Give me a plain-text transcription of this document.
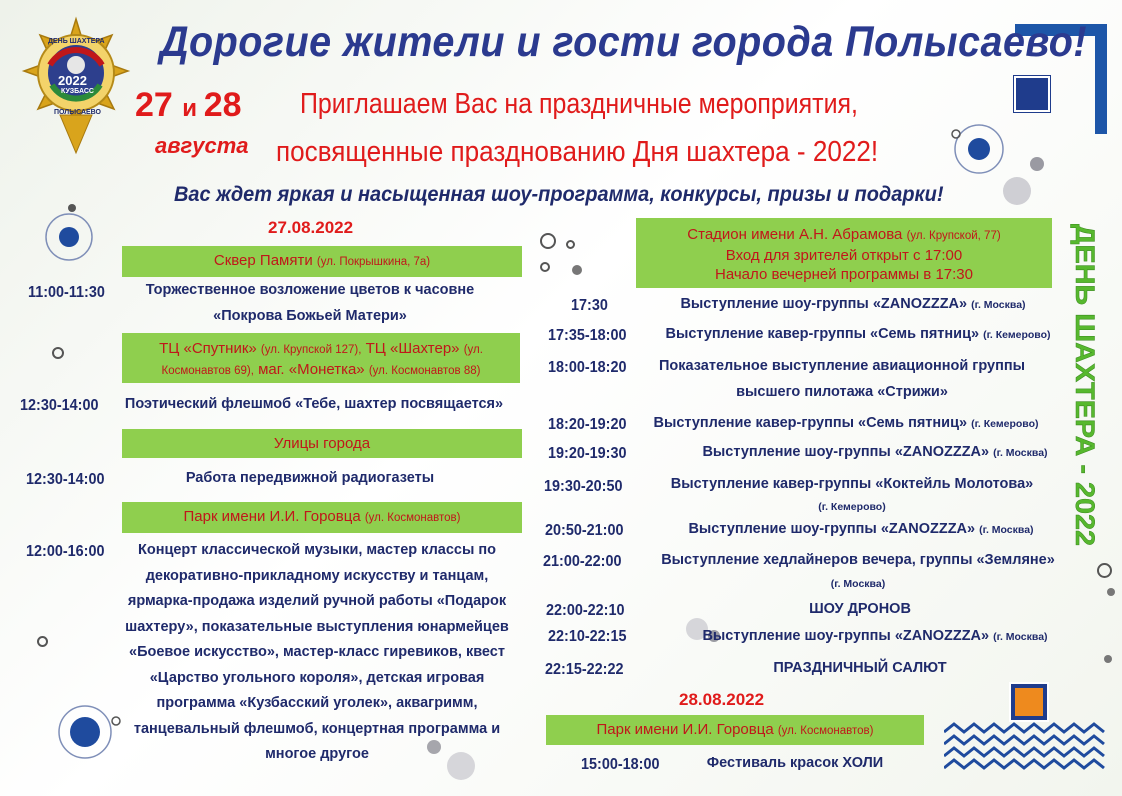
ДЕНЬ ШАХТЕРА
2022
КУЗБАСС
ПОЛЫСАЕВО
Дорогие жители и гости города Полысаево!
27 и 28
августа
Приглашаем Вас на праздничные мероприятия,
посвященные празднованию Дня шахтера - 2022!
Вас ждет яркая и насыщенная шоу-программа, конкурсы, призы и подарки!
ДЕНЬ ШАХТЕРА - 2022
27.08.2022
Сквер Памяти (ул. Покрышкина, 7а)
11:00-11:30	Торжественное возложение цветов к часовне «Покрова Божьей Матери»
ТЦ «Спутник» (ул. Крупской 127), ТЦ «Шахтер» (ул. Космонавтов 69), маг. «Монетка» (ул. Космонавтов 88)
12:30-14:00	Поэтический флешмоб «Тебе, шахтер посвящается»
Улицы города
12:30-14:00	Работа передвижной радиогазеты
Парк имени И.И. Горовца (ул. Космонавтов)
12:00-16:00	Концерт классической музыки, мастер классы по декоративно-прикладному искусству и танцам, ярмарка-продажа изделий ручной работы «Подарок шахтеру», показательные выступления юнармейцев «Боевое искусство», мастер-класс гиревиков, квест «Царство угольного короля», детская игровая программа «Кузбасский уголек», аквагримм, танцевальный флешмоб, концертная программа и многое другое
Стадион имени А.Н. Абрамова (ул. Крупской, 77)
Вход для зрителей открыт с 17:00
Начало вечерней программы в 17:30
17:30	Выступление шоу-группы «ZANOZZZA» (г. Москва)
17:35-18:00	Выступление кавер-группы «Семь пятниц» (г. Кемерово)
18:00-18:20	Показательное выступление авиационной группы высшего пилотажа «Стрижи»
18:20-19:20	Выступление кавер-группы «Семь пятниц» (г. Кемерово)
19:20-19:30	Выступление шоу-группы «ZANOZZZA» (г. Москва)
19:30-20:50	Выступление кавер-группы «Коктейль Молотова»
(г. Кемерово)
20:50-21:00	Выступление шоу-группы «ZANOZZZA» (г. Москва)
21:00-22:00	Выступление хедлайнеров вечера, группы «Земляне»
(г. Москва)
22:00-22:10	ШОУ ДРОНОВ
22:10-22:15	Выступление шоу-группы «ZANOZZZA» (г. Москва)
22:15-22:22	ПРАЗДНИЧНЫЙ САЛЮТ
28.08.2022
Парк имени И.И. Горовца (ул. Космонавтов)
15:00-18:00	Фестиваль красок ХОЛИ
